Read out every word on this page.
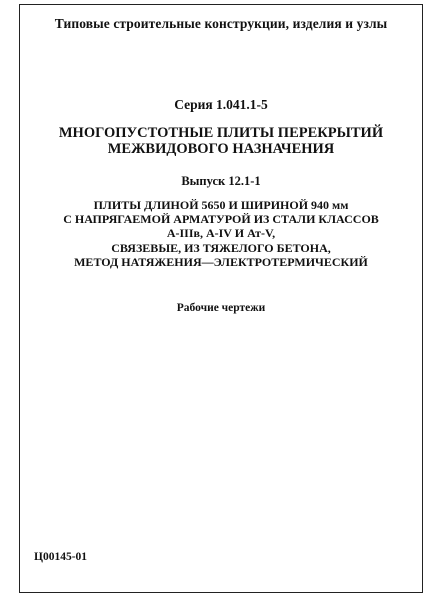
Типовые строительные конструкции, изделия и узлы
Серия 1.041.1-5
МНОГОПУСТОТНЫЕ ПЛИТЫ ПЕРЕКРЫТИЙ
МЕЖВИДОВОГО НАЗНАЧЕНИЯ
Выпуск 12.1-1
ПЛИТЫ ДЛИНОЙ 5650 И ШИРИНОЙ 940 мм
С НАПРЯГАЕМОЙ АРМАТУРОЙ ИЗ СТАЛИ КЛАССОВ
А-IIIв, А-IV И Ат-V,
СВЯЗЕВЫЕ, ИЗ ТЯЖЕЛОГО БЕТОНА,
МЕТОД НАТЯЖЕНИЯ—ЭЛЕКТРОТЕРМИЧЕСКИЙ
Рабочие чертежи
Ц00145-01
